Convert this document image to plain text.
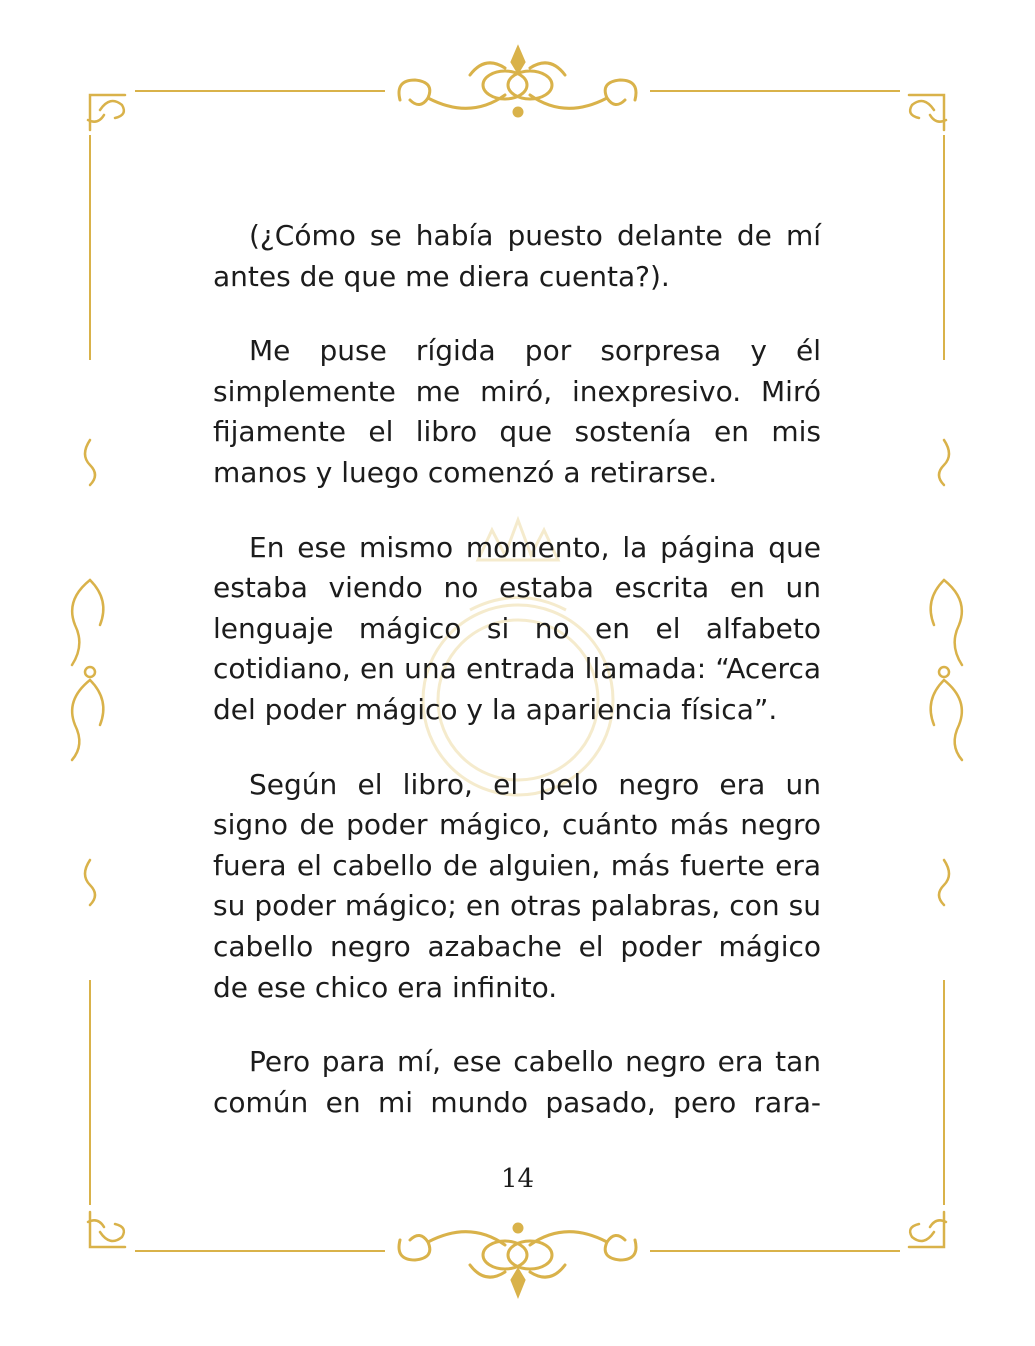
(¿Cómo se había puesto delante de mí antes de que me diera cuenta?).

Me puse rígida por sorpresa y él simplemente me miró, inexpresivo. Miró fijamente el libro que sostenía en mis manos y luego comenzó a retirarse.

En ese mismo momento, la página que estaba viendo no estaba escrita en un lenguaje mágico si no en el alfabeto cotidiano, en una entrada llamada: “Acerca del poder mágico y la apariencia física”.

Según el libro, el pelo negro era un signo de poder mágico, cuánto más negro fuera el cabello de alguien, más fuerte era su poder mágico; en otras palabras, con su cabello negro azabache el poder mágico de ese chico era infinito.

Pero para mí, ese cabello negro era tan común en mi mundo pasado, pero rara-

14
